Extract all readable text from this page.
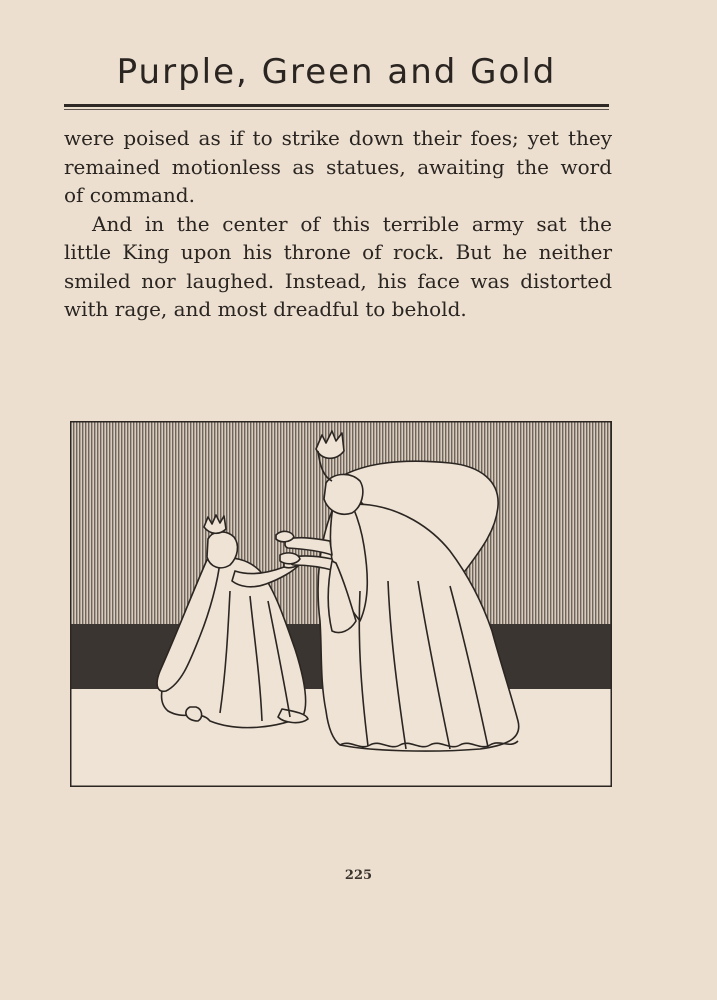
Purple, Green and Gold
were poised as if to strike down their foes; yet they
remained motionless as statues, awaiting the word
of command.
And in the center of this terrible army sat the
little King upon his throne of rock. But he neither
smiled nor laughed. Instead, his face was distorted
with rage, and most dreadful to behold.
225
